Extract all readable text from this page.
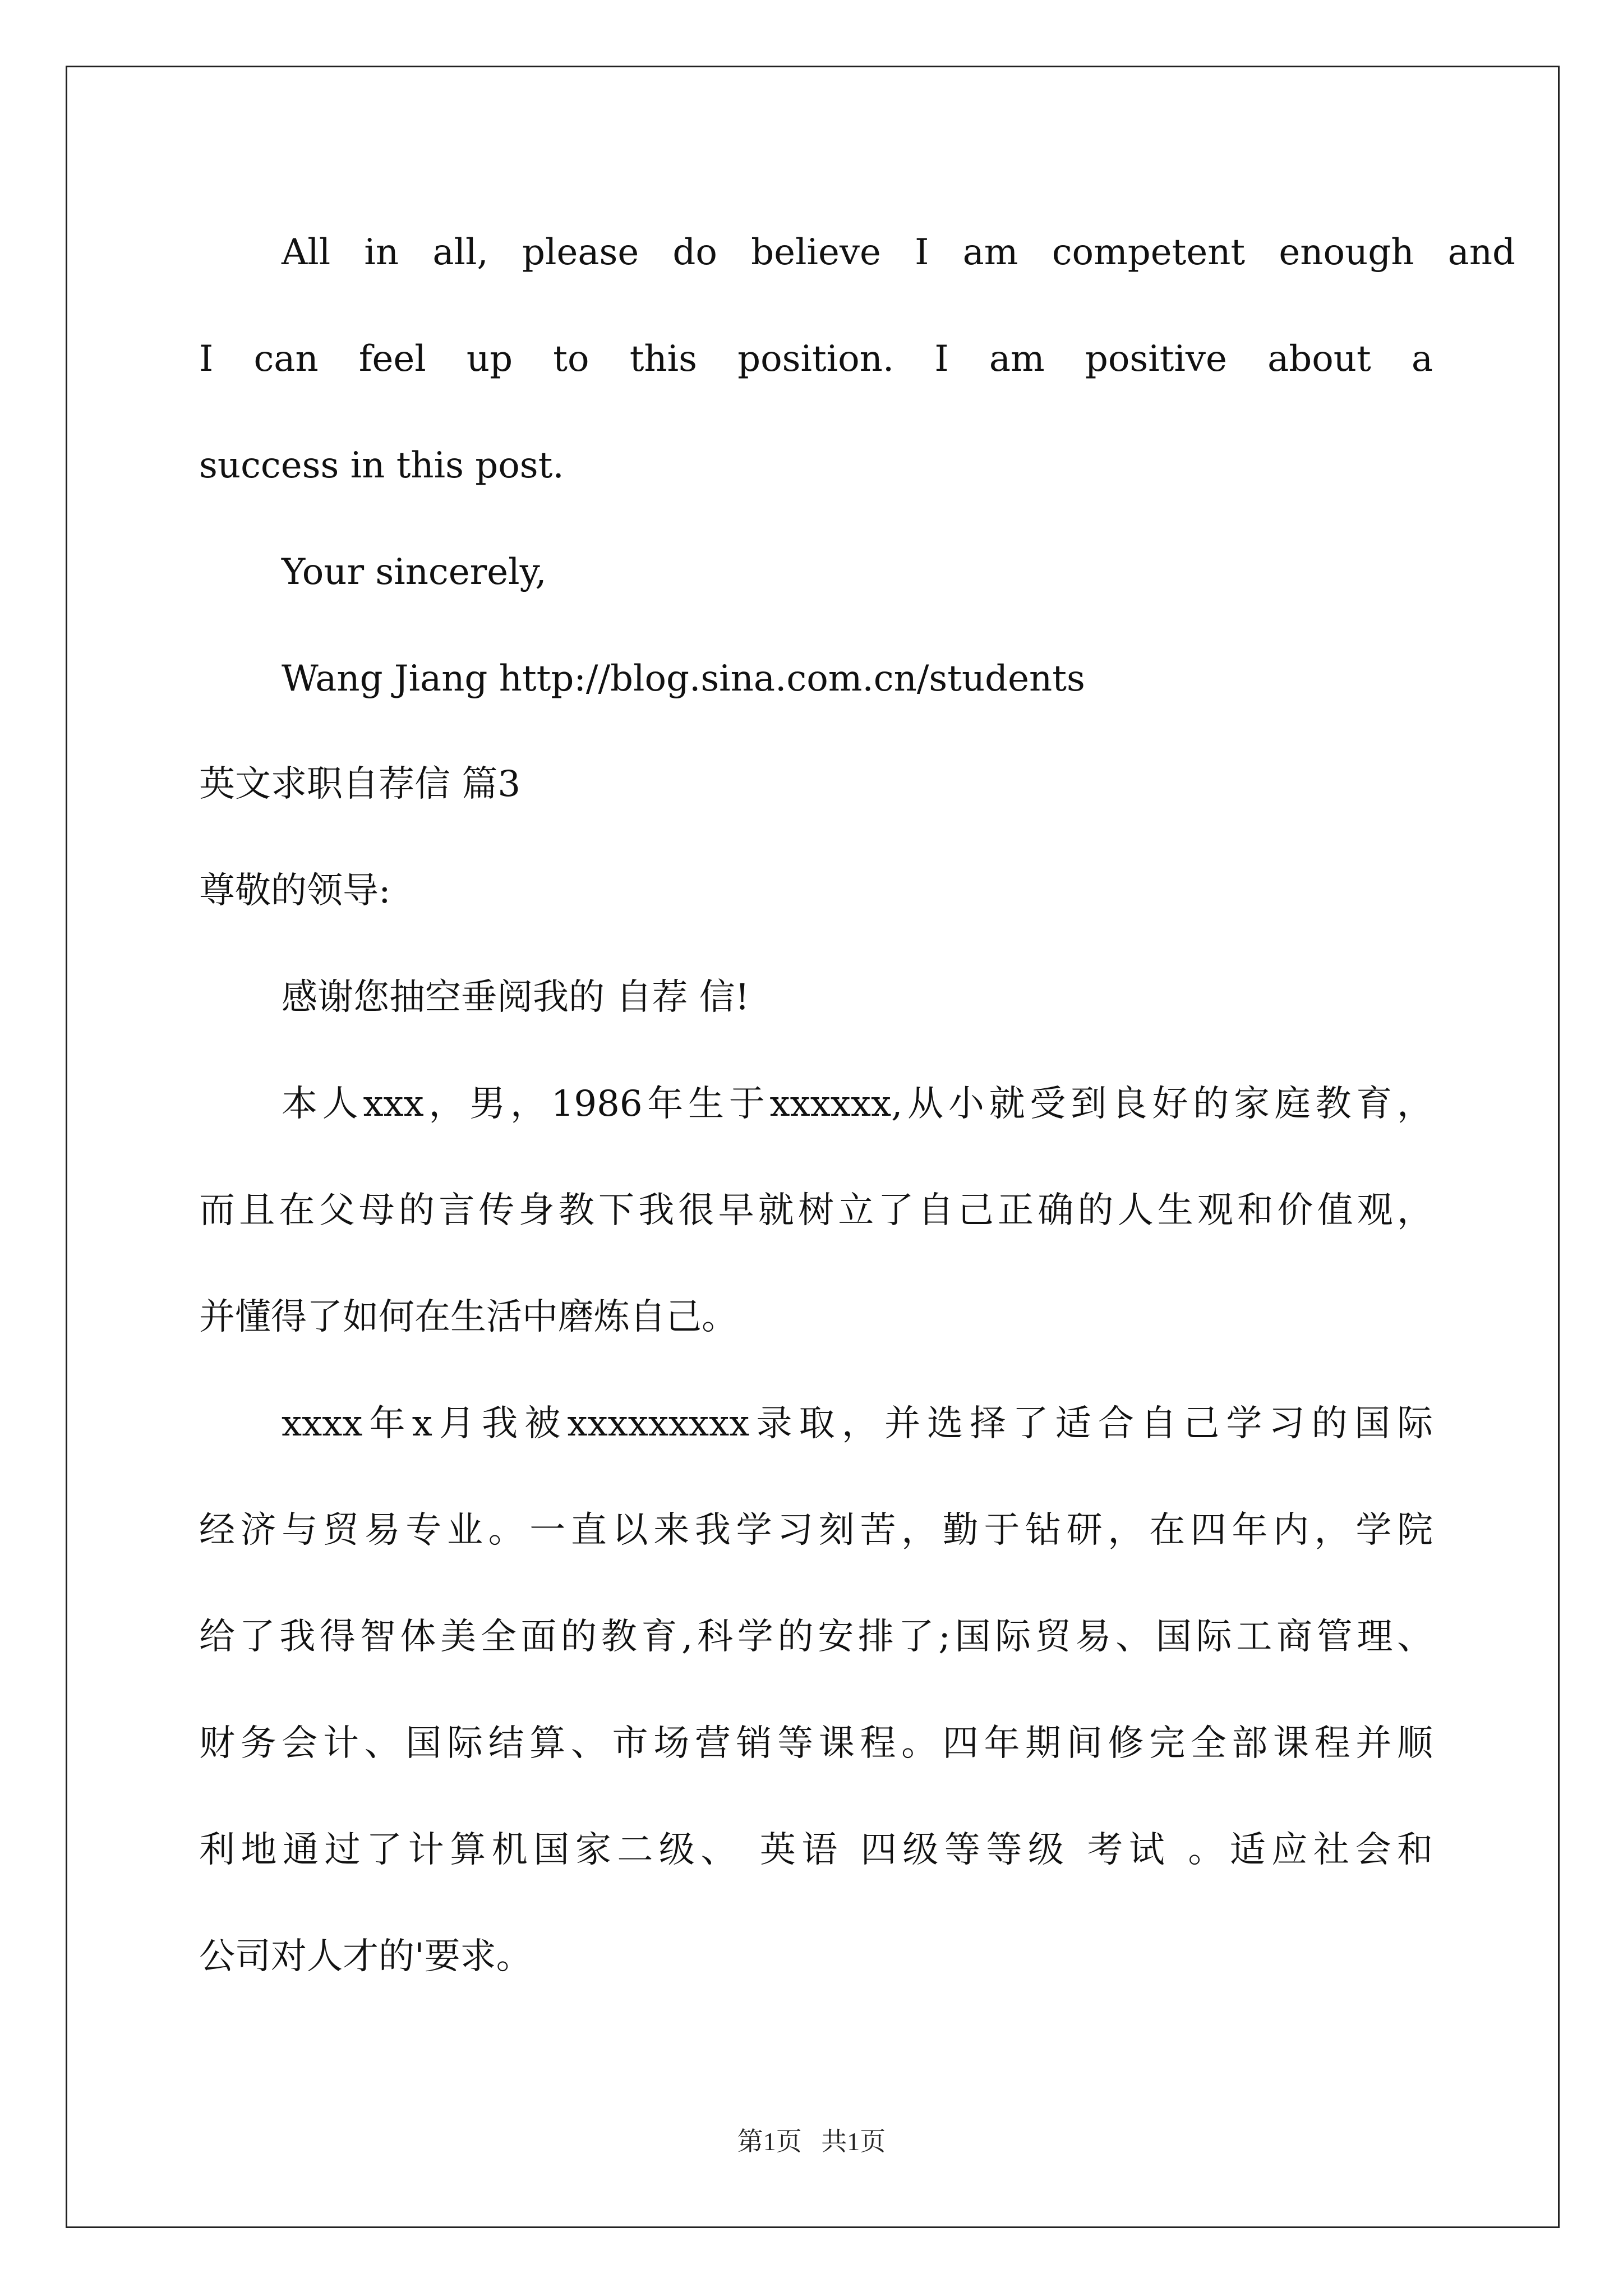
All in all, please do believe I am competent enough and
I can feel up to this position. I am positive about a
success in this post.
Your sincerely,
Wang Jiang http://blog.sina.com.cn/students
英文求职自荐信 篇3
尊敬的领导:
感谢您抽空垂阅我的 自荐 信!
本人xxx，男，1986年生于xxxxxx,从小就受到良好的家庭教育，
而且在父母的言传身教下我很早就树立了自己正确的人生观和价值观，
并懂得了如何在生活中磨炼自己。
xxxx年x月我被xxxxxxxxx录取，并选择了适合自己学习的国际
经济与贸易专业。一直以来我学习刻苦，勤于钻研，在四年内，学院
给了我得智体美全面的教育,科学的安排了;国际贸易、国际工商管理、
财务会计、国际结算、市场营销等课程。四年期间修完全部课程并顺
利地通过了计算机国家二级、 英语 四级等等级 考试 。适应社会和
公司对人才的'要求。
第1页   共1页
